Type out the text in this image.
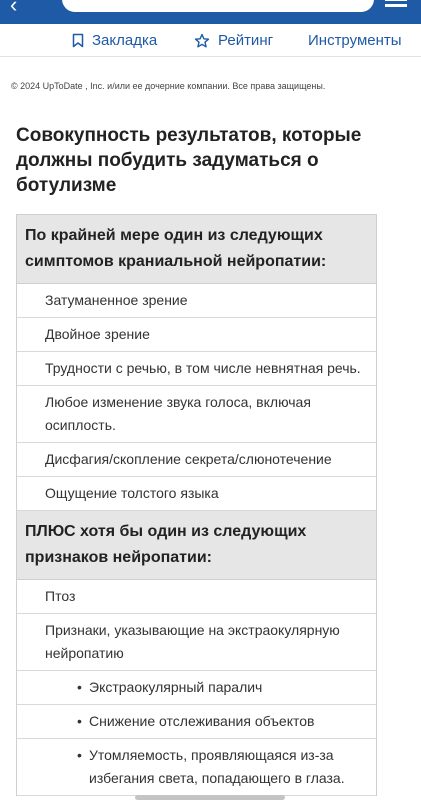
‹
Закладка	Рейтинг Инструменты
© 2024 UpToDate , Inc. и/или ее дочерние компании. Все права защищены.
Совокупность результатов, которые должны побудить задуматься о ботулизме
По крайней мере один из следующих симптомов краниальной нейропатии:
Затуманенное зрение
Двойное зрение
Трудности с речью, в том числе невнятная речь.
Любое изменение звука голоса, включая осиплость.
Дисфагия/скопление секрета/слюнотечение
Ощущение толстого языка
ПЛЮС хотя бы один из следующих признаков нейропатии:
Птоз
Признаки, указывающие на экстраокулярную нейропатию
• Экстраокулярный паралич
• Снижение отслеживания объектов
• Утомляемость, проявляющаяся из-за избегания света, попадающего в глаза.
